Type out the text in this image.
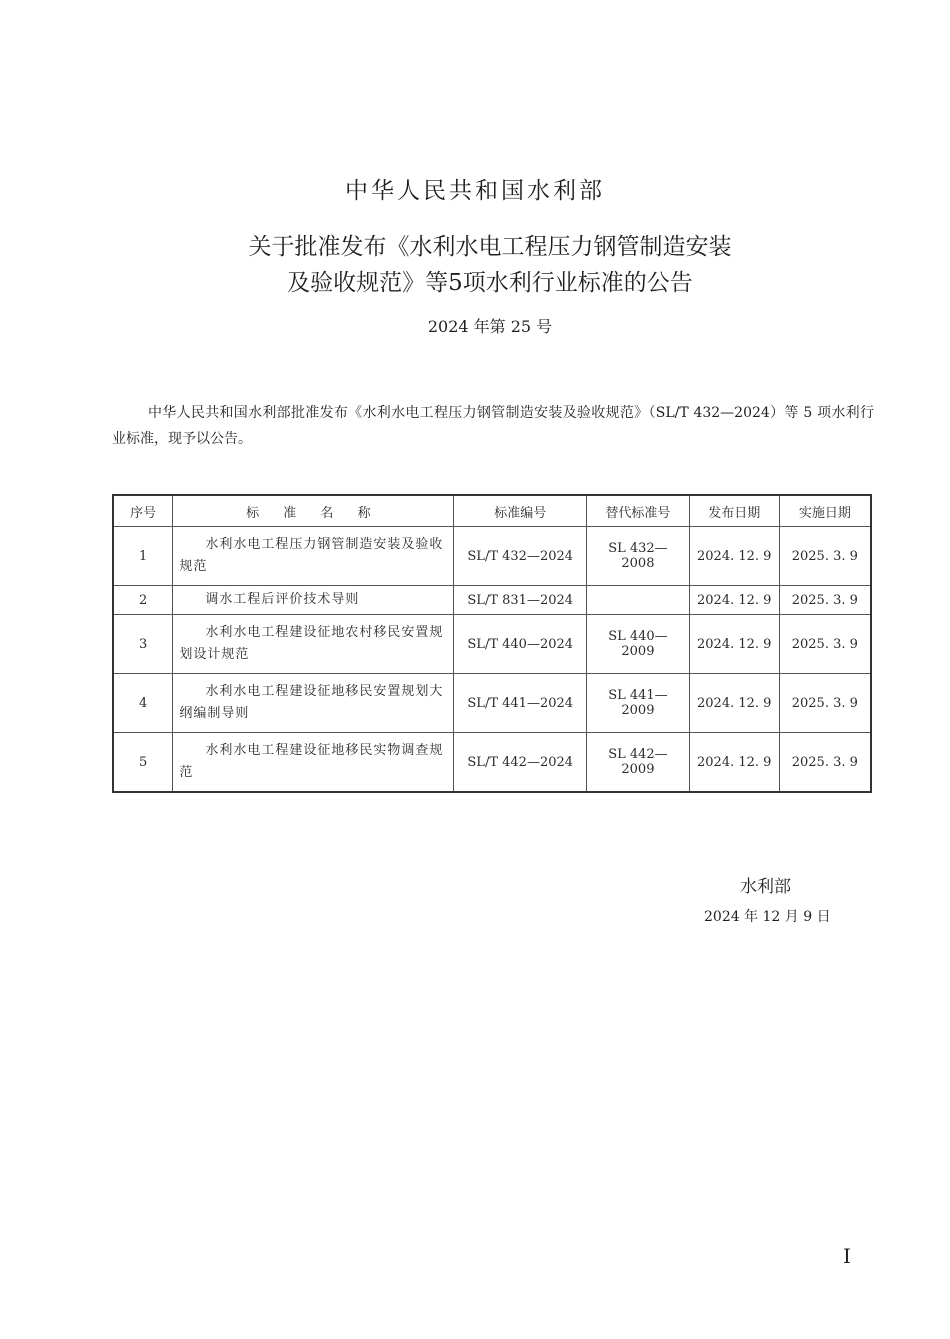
中华人民共和国水利部
关于批准发布《水利水电工程压力钢管制造安装
及验收规范》等5项水利行业标准的公告
2024 年第 25 号

中华人民共和国水利部批准发布《水利水电工程压力钢管制造安装及验收规范》（SL/T 432—2024）等 5 项水利行业标准，现予以公告。

序号	标 准 名 称	标准编号	替代标准号	发布日期	实施日期
1	水利水电工程压力钢管制造安装及验收规范	SL/T 432—2024	SL 432—2008	2024. 12. 9	2025. 3. 9
2	调水工程后评价技术导则	SL/T 831—2024		2024. 12. 9	2025. 3. 9
3	水利水电工程建设征地农村移民安置规划设计规范	SL/T 440—2024	SL 440—2009	2024. 12. 9	2025. 3. 9
4	水利水电工程建设征地移民安置规划大纲编制导则	SL/T 441—2024	SL 441—2009	2024. 12. 9	2025. 3. 9
5	水利水电工程建设征地移民实物调查规范	SL/T 442—2024	SL 442—2009	2024. 12. 9	2025. 3. 9
水利部
2024 年 12 月 9 日
I
